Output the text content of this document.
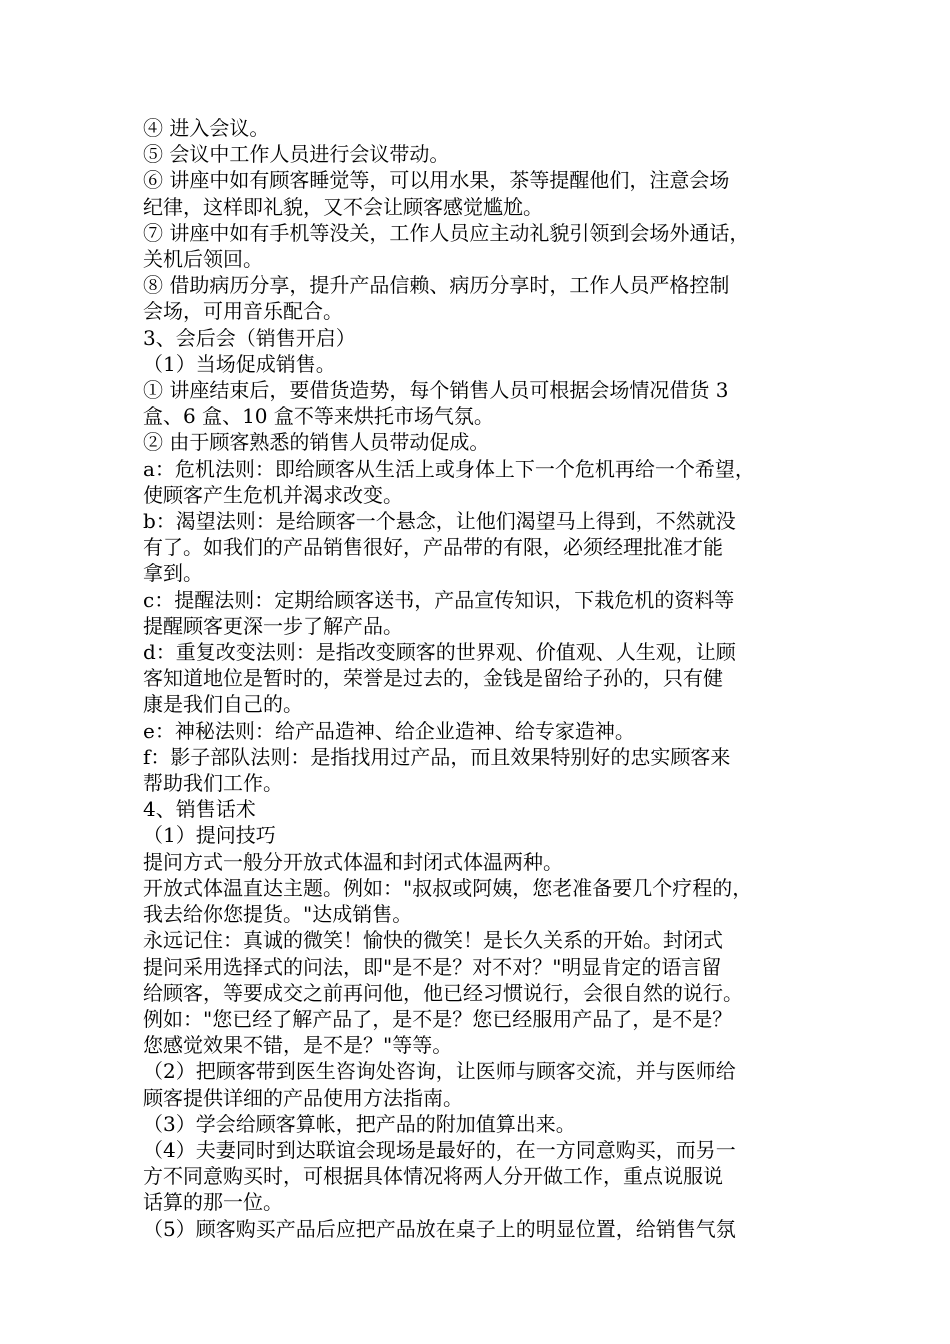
④ 进入会议。

⑤ 会议中工作人员进行会议带动。

⑥ 讲座中如有顾客睡觉等，可以用水果，茶等提醒他们，注意会场

纪律，这样即礼貌，又不会让顾客感觉尴尬。

⑦ 讲座中如有手机等没关，工作人员应主动礼貌引领到会场外通话，

关机后领回。

⑧ 借助病历分享，提升产品信赖、病历分享时，工作人员严格控制

会场，可用音乐配合。

3、会后会（销售开启）

（1）当场促成销售。

① 讲座结束后，要借货造势，每个销售人员可根据会场情况借货 3

盒、6 盒、10 盒不等来烘托市场气氛。

② 由于顾客熟悉的销售人员带动促成。

a：危机法则：即给顾客从生活上或身体上下一个危机再给一个希望，

使顾客产生危机并渴求改变。

b：渴望法则：是给顾客一个悬念，让他们渴望马上得到，不然就没

有了。如我们的产品销售很好，产品带的有限，必须经理批准才能

拿到。

c：提醒法则：定期给顾客送书，产品宣传知识，下栽危机的资料等

提醒顾客更深一步了解产品。

d：重复改变法则：是指改变顾客的世界观、价值观、人生观，让顾

客知道地位是暂时的，荣誉是过去的，金钱是留给子孙的，只有健

康是我们自己的。

e：神秘法则：给产品造神、给企业造神、给专家造神。

f：影子部队法则：是指找用过产品，而且效果特别好的忠实顾客来

帮助我们工作。

4、销售话术

（1）提问技巧

提问方式一般分开放式体温和封闭式体温两种。

开放式体温直达主题。例如："叔叔或阿姨，您老准备要几个疗程的，

我去给你您提货。"达成销售。

永远记住：真诚的微笑！愉快的微笑！是长久关系的开始。封闭式

提问采用选择式的问法，即"是不是？对不对？"明显肯定的语言留

给顾客，等要成交之前再问他，他已经习惯说行，会很自然的说行。

例如："您已经了解产品了，是不是？您已经服用产品了，是不是？

您感觉效果不错，是不是？"等等。

（2）把顾客带到医生咨询处咨询，让医师与顾客交流，并与医师给

顾客提供详细的产品使用方法指南。

（3）学会给顾客算帐，把产品的附加值算出来。

（4）夫妻同时到达联谊会现场是最好的，在一方同意购买，而另一

方不同意购买时，可根据具体情况将两人分开做工作，重点说服说

话算的那一位。

（5）顾客购买产品后应把产品放在桌子上的明显位置，给销售气氛
